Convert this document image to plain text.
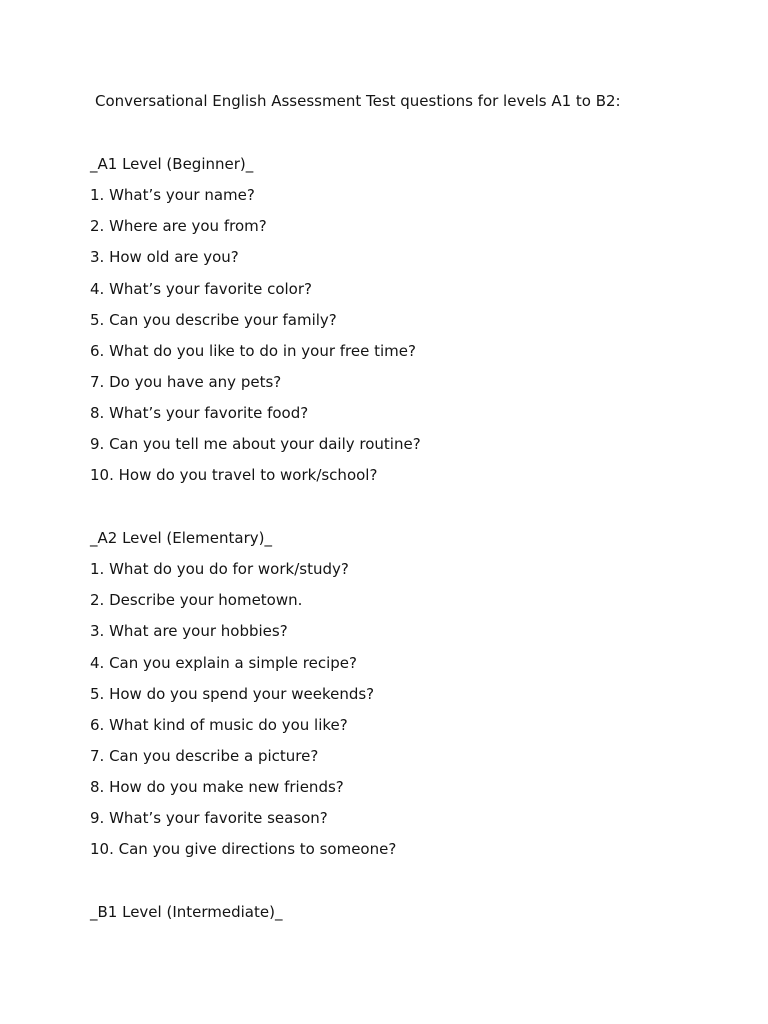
Conversational English Assessment Test questions for levels A1 to B2:
_A1 Level (Beginner)_
1. What’s your name?
2. Where are you from?
3. How old are you?
4. What’s your favorite color?
5. Can you describe your family?
6. What do you like to do in your free time?
7. Do you have any pets?
8. What’s your favorite food?
9. Can you tell me about your daily routine?
10. How do you travel to work/school?
_A2 Level (Elementary)_
1. What do you do for work/study?
2. Describe your hometown.
3. What are your hobbies?
4. Can you explain a simple recipe?
5. How do you spend your weekends?
6. What kind of music do you like?
7. Can you describe a picture?
8. How do you make new friends?
9. What’s your favorite season?
10. Can you give directions to someone?
_B1 Level (Intermediate)_
